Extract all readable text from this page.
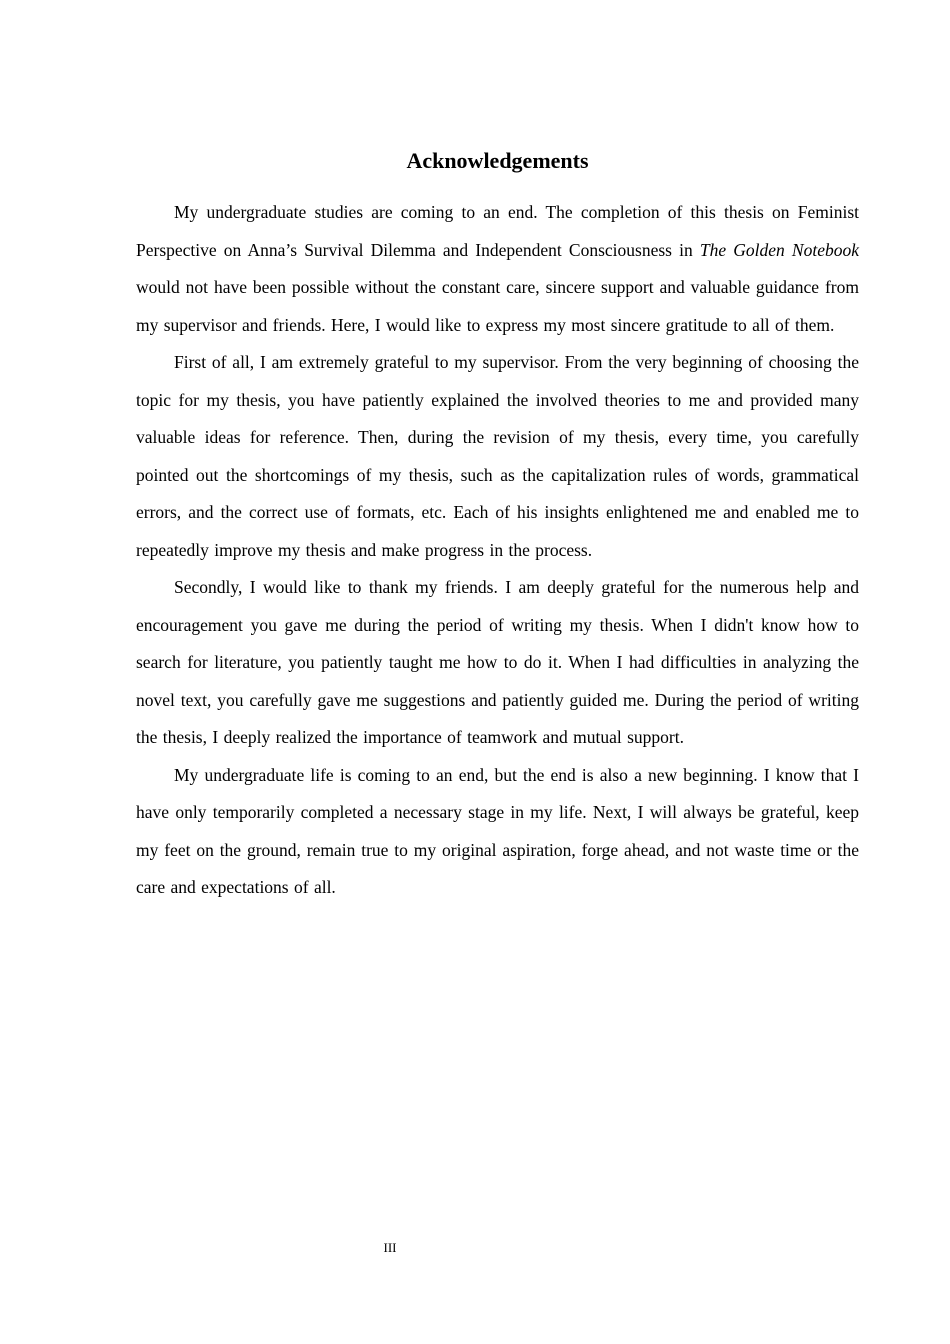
Acknowledgements

My undergraduate studies are coming to an end. The completion of this thesis on Feminist Perspective on Anna’s Survival Dilemma and Independent Consciousness in The Golden Notebook would not have been possible without the constant care, sincere support and valuable guidance from my supervisor and friends. Here, I would like to express my most sincere gratitude to all of them.

First of all, I am extremely grateful to my supervisor. From the very beginning of choosing the topic for my thesis, you have patiently explained the involved theories to me and provided many valuable ideas for reference. Then, during the revision of my thesis, every time, you carefully pointed out the shortcomings of my thesis, such as the capitalization rules of words, grammatical errors, and the correct use of formats, etc. Each of his insights enlightened me and enabled me to repeatedly improve my thesis and make progress in the process.

Secondly, I would like to thank my friends. I am deeply grateful for the numerous help and encouragement you gave me during the period of writing my thesis. When I didn't know how to search for literature, you patiently taught me how to do it. When I had difficulties in analyzing the novel text, you carefully gave me suggestions and patiently guided me. During the period of writing the thesis, I deeply realized the importance of teamwork and mutual support.

My undergraduate life is coming to an end, but the end is also a new beginning. I know that I have only temporarily completed a necessary stage in my life. Next, I will always be grateful, keep my feet on the ground, remain true to my original aspiration, forge ahead, and not waste time or the care and expectations of all.

III
